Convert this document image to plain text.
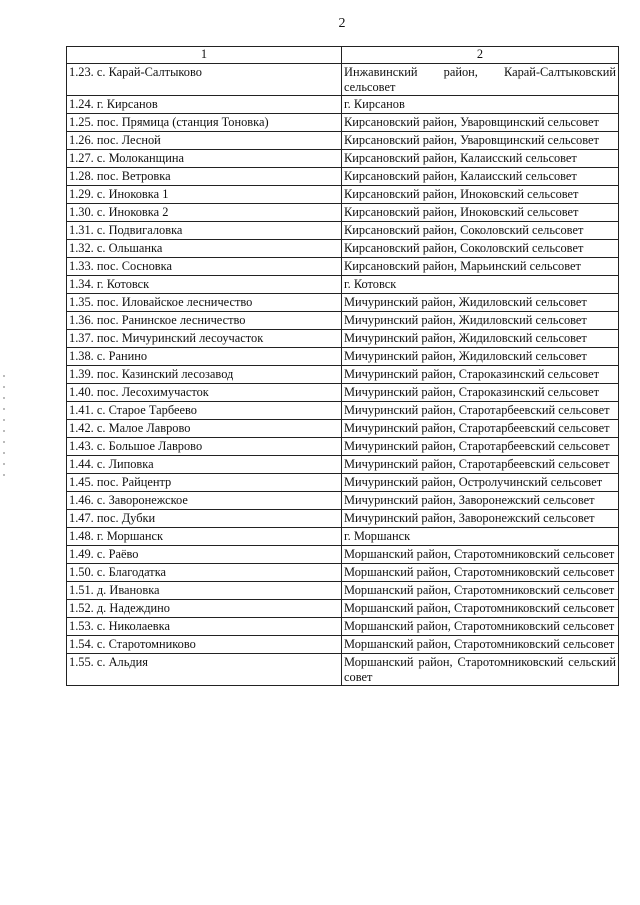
2
1	2
1.23. с. Карай-Салтыково	Инжавинский район, Карай-Салтыковский сельсовет
1.24. г. Кирсанов	г. Кирсанов
1.25. пос. Прямица (станция Тоновка)	Кирсановский район, Уваровщинский сельсовет
1.26. пос. Лесной	Кирсановский район, Уваровщинский сельсовет
1.27. с. Молоканщина	Кирсановский район, Калаисский сельсовет
1.28. пос. Ветровка	Кирсановский район, Калаисский сельсовет
1.29. с. Иноковка 1	Кирсановский район, Иноковский сельсовет
1.30. с. Иноковка 2	Кирсановский район, Иноковский сельсовет
1.31. с. Подвигаловка	Кирсановский район, Соколовский сельсовет
1.32. с. Ольшанка	Кирсановский район, Соколовский сельсовет
1.33. пос. Сосновка	Кирсановский район, Марьинский сельсовет
1.34. г. Котовск	г. Котовск
1.35. пос. Иловайское лесничество	Мичуринский район, Жидиловский сельсовет
1.36. пос. Ранинское лесничество	Мичуринский район, Жидиловский сельсовет
1.37. пос. Мичуринский лесоучасток	Мичуринский район, Жидиловский сельсовет
1.38. с. Ранино	Мичуринский район, Жидиловский сельсовет
1.39. пос. Казинский лесозавод	Мичуринский район, Староказинский сельсовет
1.40. пос. Лесохимучасток	Мичуринский район, Староказинский сельсовет
1.41. с. Старое Тарбеево	Мичуринский район, Старотарбеевский сельсовет
1.42. с. Малое Лаврово	Мичуринский район, Старотарбеевский сельсовет
1.43. с. Большое Лаврово	Мичуринский район, Старотарбеевский сельсовет
1.44. с. Липовка	Мичуринский район, Старотарбеевский сельсовет
1.45. пос. Райцентр	Мичуринский район, Остролучинский сельсовет
1.46. с. Заворонежское	Мичуринский район, Заворонежский сельсовет
1.47. пос. Дубки	Мичуринский район, Заворонежский сельсовет
1.48. г. Моршанск	г. Моршанск
1.49. с. Раёво	Моршанский район, Старотомниковский сельсовет
1.50. с. Благодатка	Моршанский район, Старотомниковский сельсовет
1.51. д. Ивановка	Моршанский район, Старотомниковский сельсовет
1.52. д. Надеждино	Моршанский район, Старотомниковский сельсовет
1.53. с. Николаевка	Моршанский район, Старотомниковский сельсовет
1.54. с. Старотомниково	Моршанский район, Старотомниковский сельсовет
1.55. с. Альдия	Моршанский район, Старотомниковский сельский совет
